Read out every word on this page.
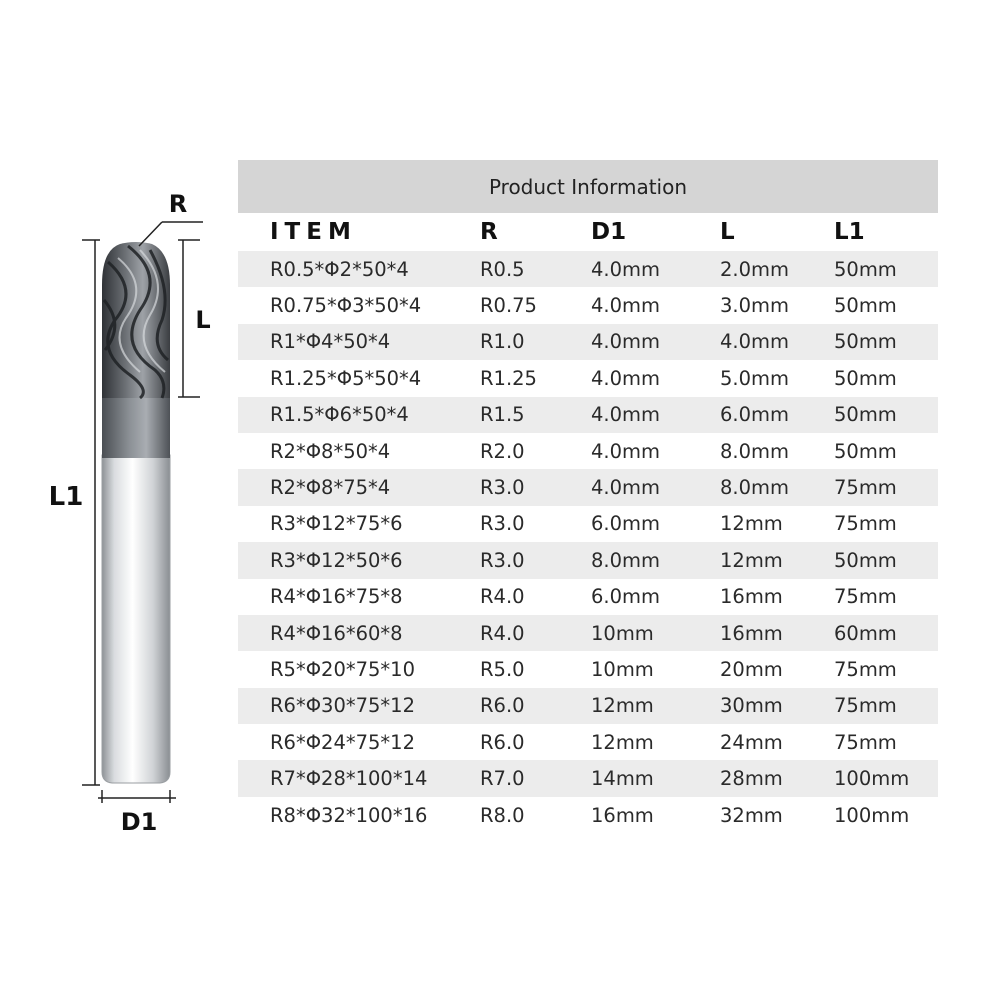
R
L
L1
D1
Product Information
ITEM	R	D1	L	L1
R0.5*Φ2*50*4	R0.5	4.0mm	2.0mm	50mm
R0.75*Φ3*50*4	R0.75	4.0mm	3.0mm	50mm
R1*Φ4*50*4	R1.0	4.0mm	4.0mm	50mm
R1.25*Φ5*50*4	R1.25	4.0mm	5.0mm	50mm
R1.5*Φ6*50*4	R1.5	4.0mm	6.0mm	50mm
R2*Φ8*50*4	R2.0	4.0mm	8.0mm	50mm
R2*Φ8*75*4	R3.0	4.0mm	8.0mm	75mm
R3*Φ12*75*6	R3.0	6.0mm	12mm	75mm
R3*Φ12*50*6	R3.0	8.0mm	12mm	50mm
R4*Φ16*75*8	R4.0	6.0mm	16mm	75mm
R4*Φ16*60*8	R4.0	10mm	16mm	60mm
R5*Φ20*75*10	R5.0	10mm	20mm	75mm
R6*Φ30*75*12	R6.0	12mm	30mm	75mm
R6*Φ24*75*12	R6.0	12mm	24mm	75mm
R7*Φ28*100*14	R7.0	14mm	28mm	100mm
R8*Φ32*100*16	R8.0	16mm	32mm	100mm
